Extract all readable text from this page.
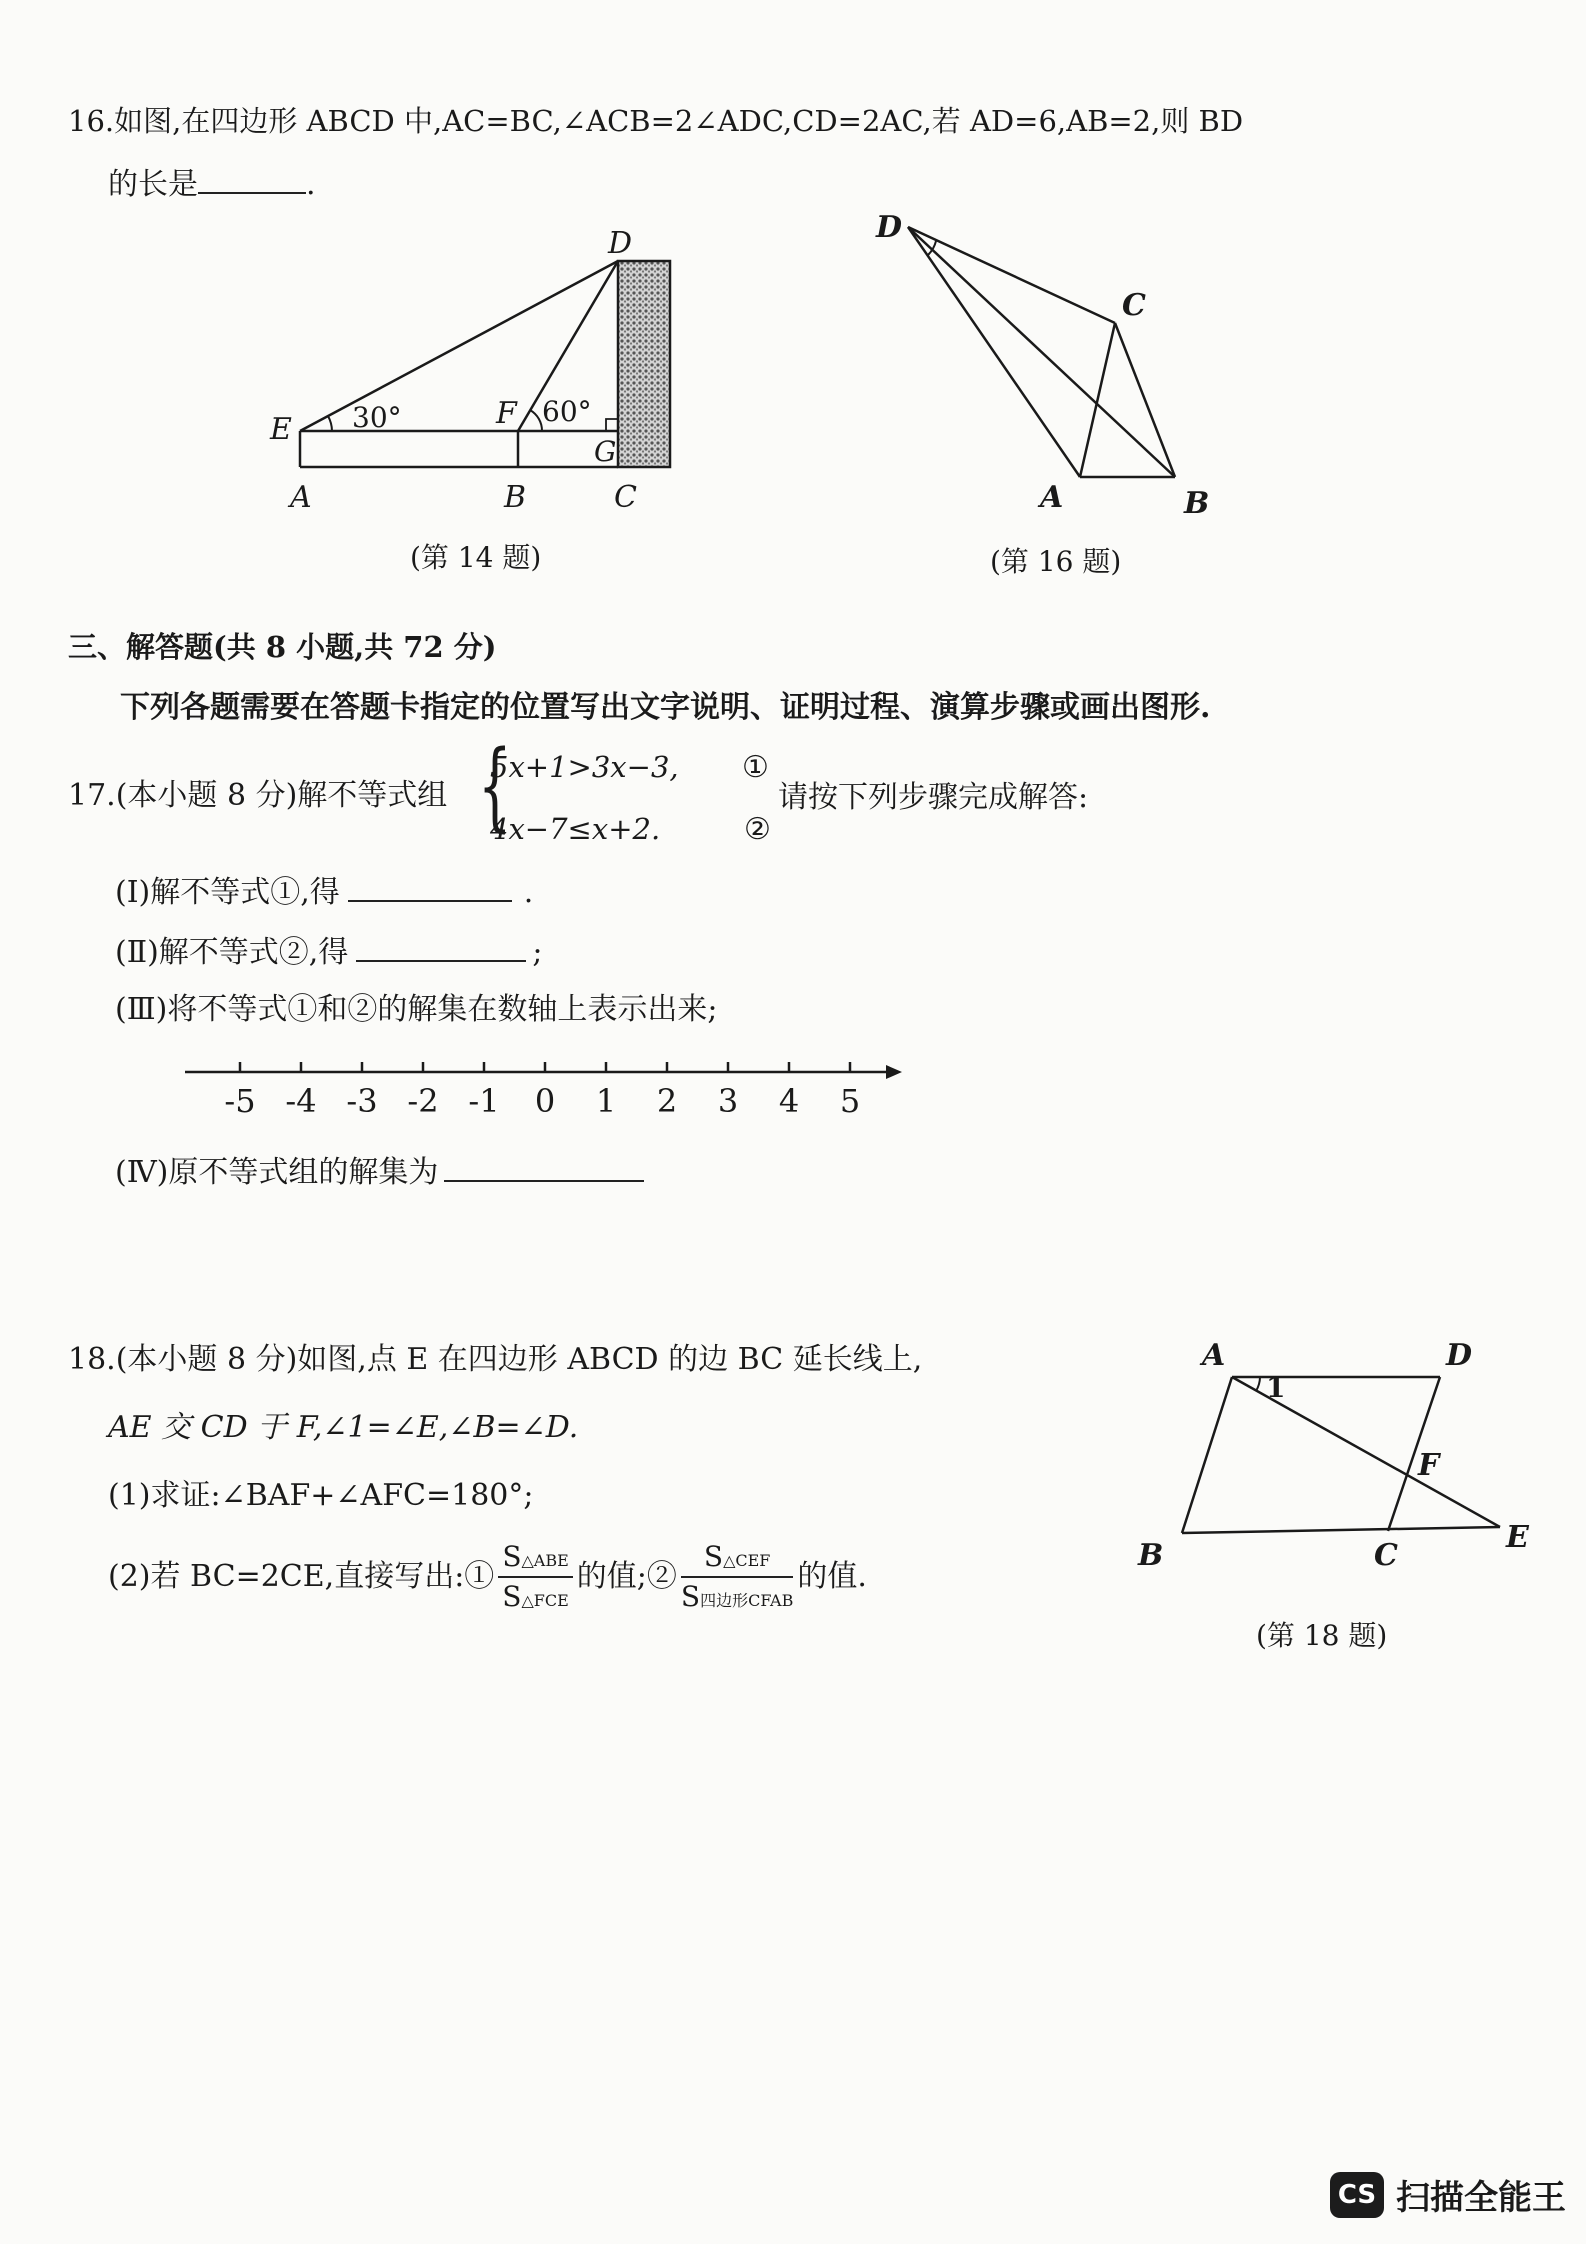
16.如图,在四边形 ABCD 中,AC=BC,∠ACB=2∠ADC,CD=2AC,若 AD=6,AB=2,则 BD
的长是	.
D
E 30°	F 60°
G
A	B	C
(第 14 题)
D
C
A	B
(第 16 题)
三、解答题(共 8 小题,共 72 分)
下列各题需要在答题卡指定的位置写出文字说明、证明过程、演算步骤或画出图形.
17.(本小题 8 分)解不等式组 {
5x+1>3x−3, ①
4x−7≤x+2.	②
请按下列步骤完成解答:
(Ⅰ)解不等式①,得	.
(Ⅱ)解不等式②,得	;
(Ⅲ)将不等式①和②的解集在数轴上表示出来;
-5 -4 -3 -2 -1 0 1 2 3 4 5
(Ⅳ)原不等式组的解集为
18.(本小题 8 分)如图,点 E 在四边形 ABCD 的边 BC 延长线上,
AE 交 CD 于 F,∠1=∠E,∠B=∠D.
(1)求证:∠BAF+∠AFC=180°;
(2)若 BC=2CE,直接写出:① $\frac{\text{S△ABE}}{\text{S△FCE}}$ 的值;② $\frac{\text{S△CEF}}{\text{S四边形CFAB}}$ 的值.
A
1
D
F
B	C
E
(第 18 题)
CS 扫描全能王
